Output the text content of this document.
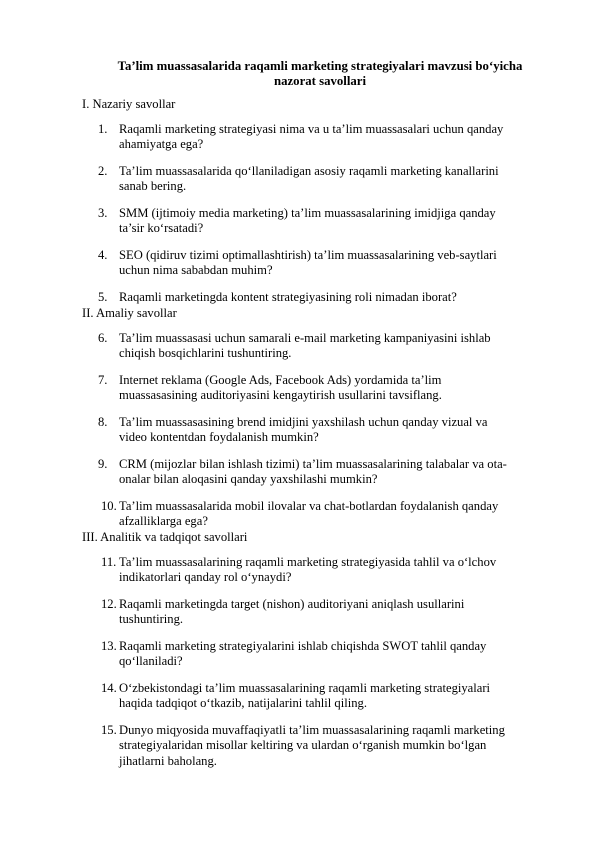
Ta’lim muassasalarida raqamli marketing strategiyalari mavzusi bo‘yicha
nazorat savollari
I. Nazariy savollar
1. Raqamli marketing strategiyasi nima va u ta’lim muassasalari uchun qanday
ahamiyatga ega?
2. Ta’lim muassasalarida qo‘llaniladigan asosiy raqamli marketing kanallarini
sanab bering.
3. SMM (ijtimoiy media marketing) ta’lim muassasalarining imidjiga qanday
ta’sir ko‘rsatadi?
4. SEO (qidiruv tizimi optimallashtirish) ta’lim muassasalarining veb-saytlari
uchun nima sababdan muhim?
5. Raqamli marketingda kontent strategiyasining roli nimadan iborat?
II. Amaliy savollar
6. Ta’lim muassasasi uchun samarali e-mail marketing kampaniyasini ishlab
chiqish bosqichlarini tushuntiring.
7. Internet reklama (Google Ads, Facebook Ads) yordamida ta’lim
muassasasining auditoriyasini kengaytirish usullarini tavsiflang.
8. Ta’lim muassasasining brend imidjini yaxshilash uchun qanday vizual va
video kontentdan foydalanish mumkin?
9. CRM (mijozlar bilan ishlash tizimi) ta’lim muassasalarining talabalar va ota-
onalar bilan aloqasini qanday yaxshilashi mumkin?
10. Ta’lim muassasalarida mobil ilovalar va chat-botlardan foydalanish qanday
afzalliklarga ega?
III. Analitik va tadqiqot savollari
11. Ta’lim muassasalarining raqamli marketing strategiyasida tahlil va o‘lchov
indikatorlari qanday rol o‘ynaydi?
12. Raqamli marketingda target (nishon) auditoriyani aniqlash usullarini
tushuntiring.
13. Raqamli marketing strategiyalarini ishlab chiqishda SWOT tahlil qanday
qo‘llaniladi?
14. O‘zbekistondagi ta’lim muassasalarining raqamli marketing strategiyalari
haqida tadqiqot o‘tkazib, natijalarini tahlil qiling.
15. Dunyo miqyosida muvaffaqiyatli ta’lim muassasalarining raqamli marketing
strategiyalaridan misollar keltiring va ulardan o‘rganish mumkin bo‘lgan
jihatlarni baholang.
